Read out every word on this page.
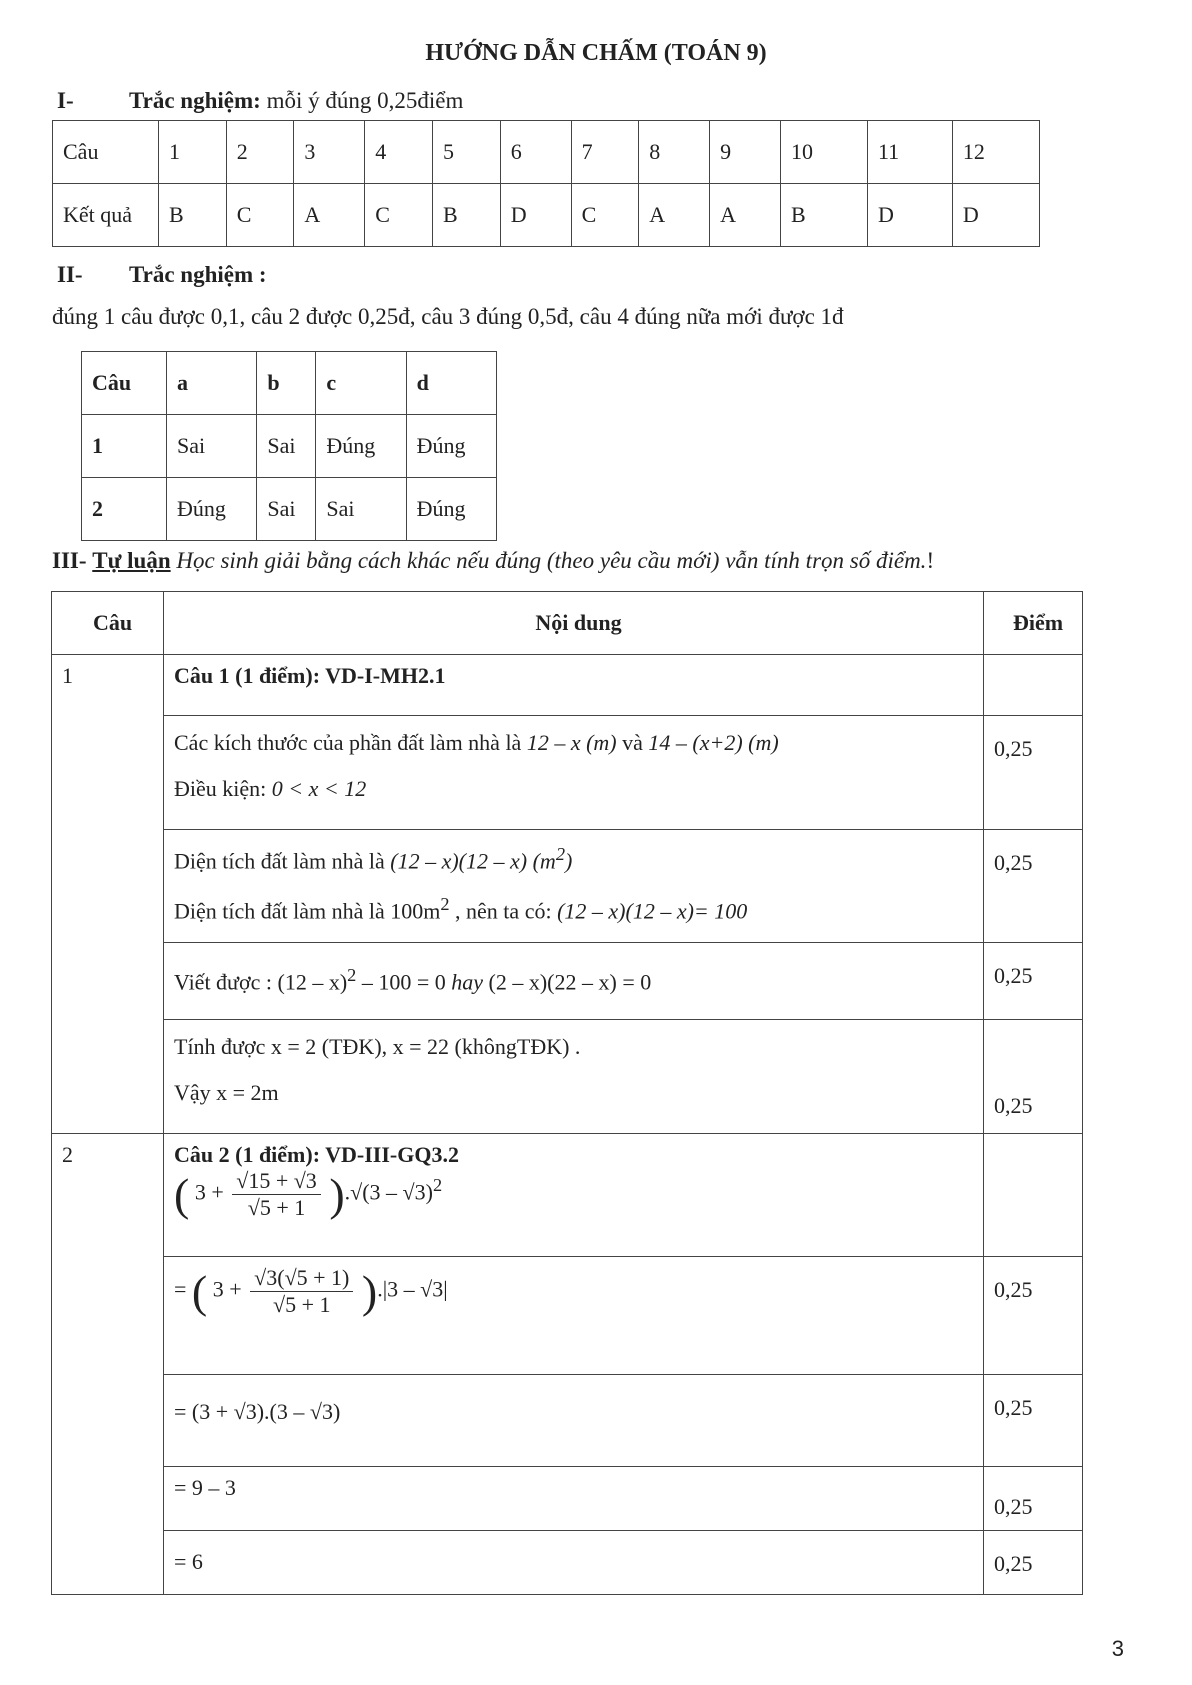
HƯỚNG DẪN CHẤM (TOÁN 9)
I- Trắc nghiệm: mỗi ý đúng 0,25điểm
Câu	1	2	3	4	5	6	7	8	9	10	11	12
Kết quả	B	C	A	C	B	D	C	A	A	B	D	D
II- Trắc nghiệm :
đúng 1 câu được 0,1, câu 2 được 0,25đ, câu 3 đúng 0,5đ, câu 4 đúng nữa mới được 1đ
Câu	a	b	c	d
1	Sai	Sai	Đúng	Đúng
2	Đúng	Sai	Sai	Đúng
III- Tự luận Học sinh giải bằng cách khác nếu đúng (theo yêu cầu mới) vẫn tính trọn số điểm.!
Câu	Nội dung	Điểm
1	Câu 1 (1 điểm): VD-I-MH2.1	

	Các kích thước của phần đất làm nhà là 12 – x (m) và 14 – (x+2) (m)
Điều kiện: 0 < x < 12	0,25

	Diện tích đất làm nhà là (12 – x)(12 – x) $(m^2)$
Diện tích đất làm nhà là $100m^2$ , nên ta có: (12 – x)(12 – x)= 100	0,25

	Viết được : (12 – x)$^2$ – 100 = 0 hay (2 – x)(22 – x) = 0	0,25

	Tính được x = 2 (TĐK), x = 22 (khôngTĐK) .
Vậy x = 2m	0,25
2	Câu 2 (1 điểm): VD-III-GQ3.2
( $3 + \frac{√15 + √3}{√5 + 1} ).√(3 - √3)^2$

	= ( $3 + \frac{√3(√5 + 1)}{√5 + 1} ).|3 - √3|$	0,25

	= (3 + √3).(3 – √3)	0,25

	= 9 – 3	0,25

	= 6	0,25
3
